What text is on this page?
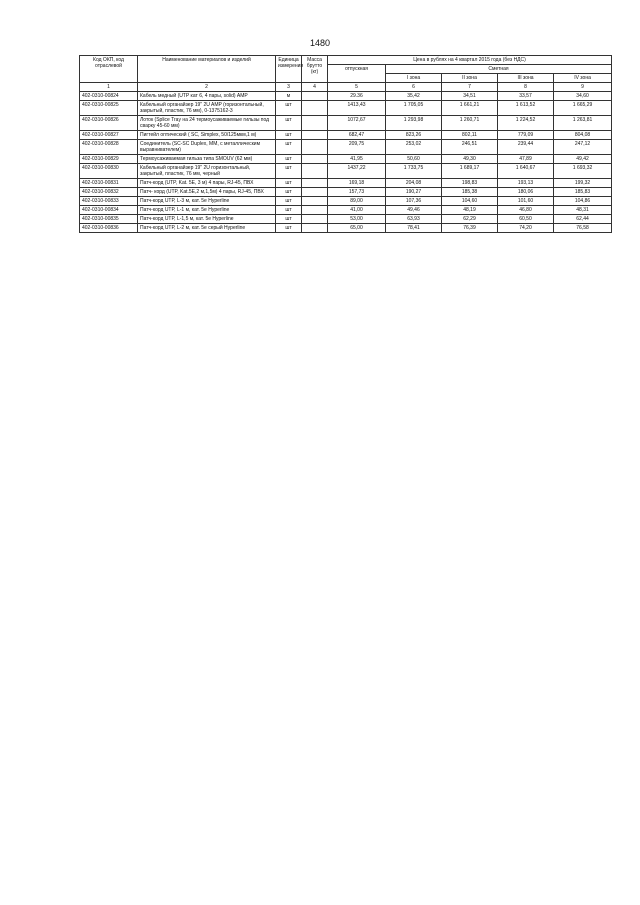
1480
Код ОКП, код отраслевой	Наименование материалов и изделий	Единица измерения	Масса брутто (кг)	Цена в рублях на 4 квартал 2015 года (без НДС)				
				отпускная	Сметная			
					I зона	II зона	III зона	IV зона
1	2	3	4	5	6	7	8	9
402-0310-00824	Кабель медный (UTP кат 6, 4 пары, solid) AMP	м		29.36	35,42	34,51	33,57	34,60
402-0310-00825	Кабельный органайзер 19" 2U AMP (горизонтальный, закрытый, пластик, 76 мм), 0-1375162-3	шт		1413,43	1 705,05	1 661,21	1 613,52	1 665,29
402-0310-00826	Лоток (Splice Tray на 24 термоусаживаемые гильзы под сварку 45-60 мм)	шт		1072,67	1 293,98	1 260,71	1 224,52	1 263,81
402-0310-00827	Пигтейл оптический ( SC, Simplex, 50/125мкм,1 м)	шт		682,47	823,26	802,11	779,09	804,08
402-0310-00828	Соединитель (SC-SC Duplex, MM, с металлическим выравнивателем)	шт		209,75	253,02	246,51	239,44	247,12
402-0310-00829	Термоусаживаемая гильза типа SMOUV (62 мм)	шт		41,95	50,60	49,30	47,89	49,42
402-0310-00830	Кабельный органайзер 19" 2U горизонтальный, закрытый, пластик, 76 мм, черный	шт		1437,22	1 733,75	1 689,17	1 640,67	1 693,32
402-0310-00831	Патч-корд (UTP, Kat. 5E, 3 м) 4 пары, RJ-45, ПВХ	шт		169,18	204,08	198,83	193,13	199,32
402-0310-00832	Патч- корд (UTP, Kat.5E,2 м,1,5м) 4 пары, RJ-45, ПВХ	шт		157,73	190,27	185,38	180,06	185,83
402-0310-00833	Патч-корд UTP, L-3 м, кат. 5e Hyperline	шт		89,00	107,36	104,60	101,60	104,86
402-0310-00834	Патч-корд UTP, L-1 м, кат. 5e Hyperline	шт		41,00	49,46	48,19	46,80	48,31
402-0310-00835	Патч-корд UTP, L-1,5 м, кат. 5e Hyperline	шт		53,00	63,93	62,29	60,50	62,44
402-0310-00836	Патч-корд UTP, L-2 м, кат. 5e серый Hyperline	шт		65,00	78,41	76,39	74,20	76,58
